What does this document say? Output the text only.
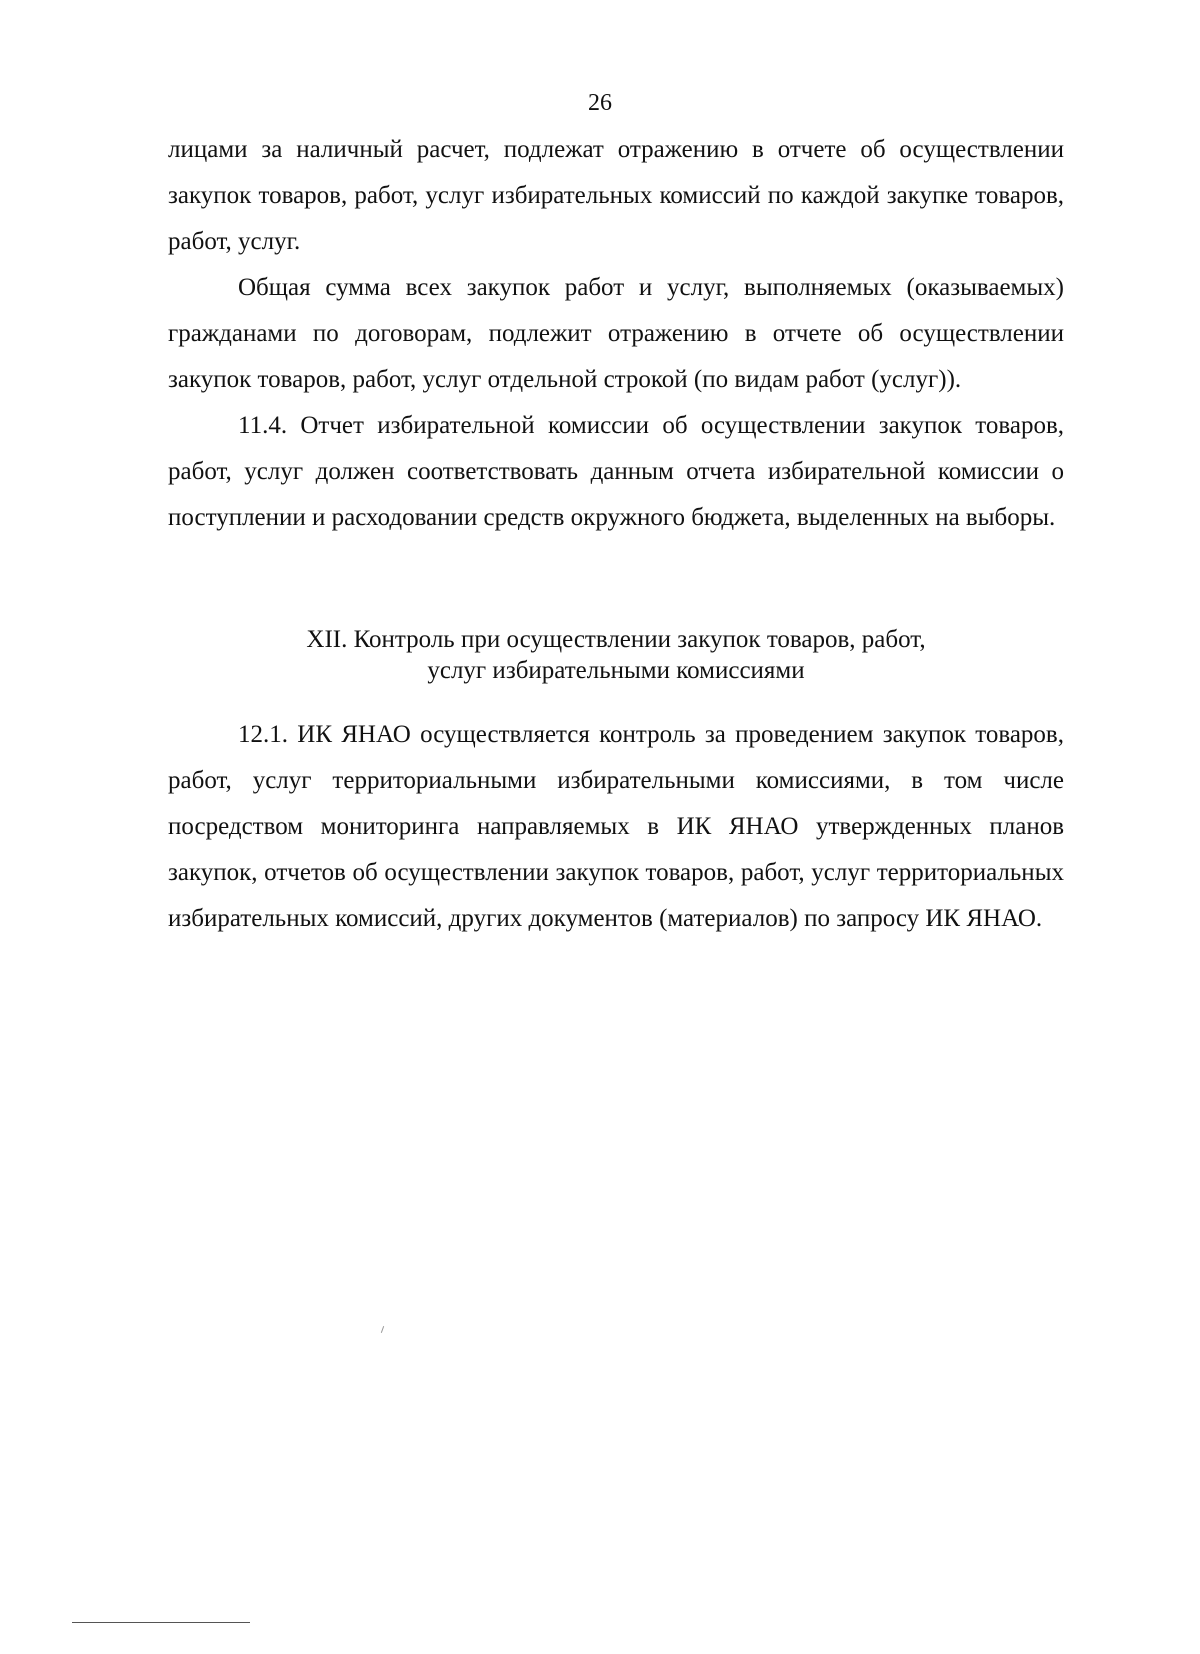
26

лицами за наличный расчет, подлежат отражению в отчете об осуществлении закупок товаров, работ, услуг избирательных комиссий по каждой закупке товаров, работ, услуг.

Общая сумма всех закупок работ и услуг, выполняемых (оказываемых) гражданами по договорам, подлежит отражению в отчете об осуществлении закупок товаров, работ, услуг отдельной строкой (по видам работ (услуг)).

11.4. Отчет избирательной комиссии об осуществлении закупок товаров, работ, услуг должен соответствовать данным отчета избирательной комиссии о поступлении и расходовании средств окружного бюджета, выделенных на выборы.

XII. Контроль при осуществлении закупок товаров, работ,
услуг избирательными комиссиями

12.1. ИК ЯНАО осуществляется контроль за проведением закупок товаров, работ, услуг территориальными избирательными комиссиями, в том числе посредством мониторинга направляемых в ИК ЯНАО утвержденных планов закупок, отчетов об осуществлении закупок товаров, работ, услуг территориальных избирательных комиссий, других документов (материалов) по запросу ИК ЯНАО.
